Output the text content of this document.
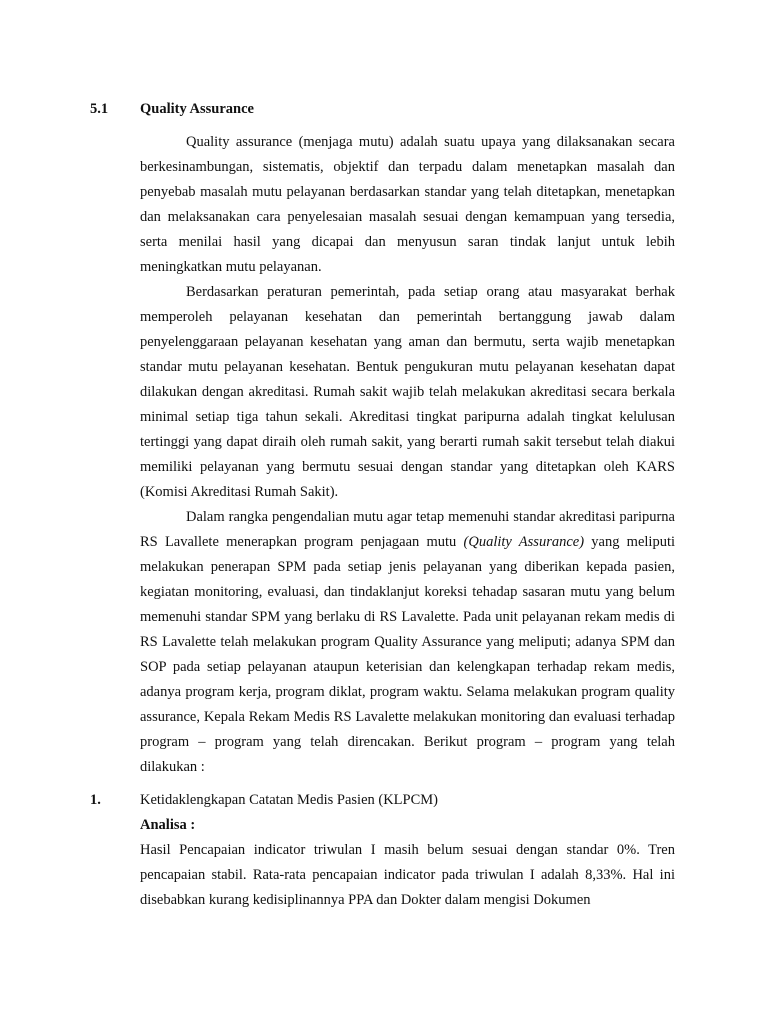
5.1 Quality Assurance

Quality assurance (menjaga mutu) adalah suatu upaya yang dilaksanakan secara berkesinambungan, sistematis, objektif dan terpadu dalam menetapkan masalah dan penyebab masalah mutu pelayanan berdasarkan standar yang telah ditetapkan, menetapkan dan melaksanakan cara penyelesaian masalah sesuai dengan kemampuan yang tersedia, serta menilai hasil yang dicapai dan menyusun saran tindak lanjut untuk lebih meningkatkan mutu pelayanan.

Berdasarkan peraturan pemerintah, pada setiap orang atau masyarakat berhak memperoleh pelayanan kesehatan dan pemerintah bertanggung jawab dalam penyelenggaraan pelayanan kesehatan yang aman dan bermutu, serta wajib menetapkan standar mutu pelayanan kesehatan. Bentuk pengukuran mutu pelayanan kesehatan dapat dilakukan dengan akreditasi. Rumah sakit wajib telah melakukan akreditasi secara berkala minimal setiap tiga tahun sekali. Akreditasi tingkat paripurna adalah tingkat kelulusan tertinggi yang dapat diraih oleh rumah sakit, yang berarti rumah sakit tersebut telah diakui memiliki pelayanan yang bermutu sesuai dengan standar yang ditetapkan oleh KARS (Komisi Akreditasi Rumah Sakit).

Dalam rangka pengendalian mutu agar tetap memenuhi standar akreditasi paripurna RS Lavallete menerapkan program penjagaan mutu (Quality Assurance) yang meliputi melakukan penerapan SPM pada setiap jenis pelayanan yang diberikan kepada pasien, kegiatan monitoring, evaluasi, dan tindaklanjut koreksi tehadap sasaran mutu yang belum memenuhi standar SPM yang berlaku di RS Lavalette. Pada unit pelayanan rekam medis di RS Lavalette telah melakukan program Quality Assurance yang meliputi; adanya SPM dan SOP pada setiap pelayanan ataupun keterisian dan kelengkapan terhadap rekam medis, adanya program kerja, program diklat, program waktu. Selama melakukan program quality assurance, Kepala Rekam Medis RS Lavalette melakukan monitoring dan evaluasi terhadap program – program yang telah direncakan. Berikut program – program yang telah dilakukan :

1.	Ketidaklengkapan Catatan Medis Pasien (KLPCM)
Analisa :

Hasil Pencapaian indicator triwulan I masih belum sesuai dengan standar 0%. Tren pencapaian stabil. Rata-rata pencapaian indicator pada triwulan I adalah 8,33%. Hal ini disebabkan kurang kedisiplinannya PPA dan Dokter dalam mengisi Dokumen
